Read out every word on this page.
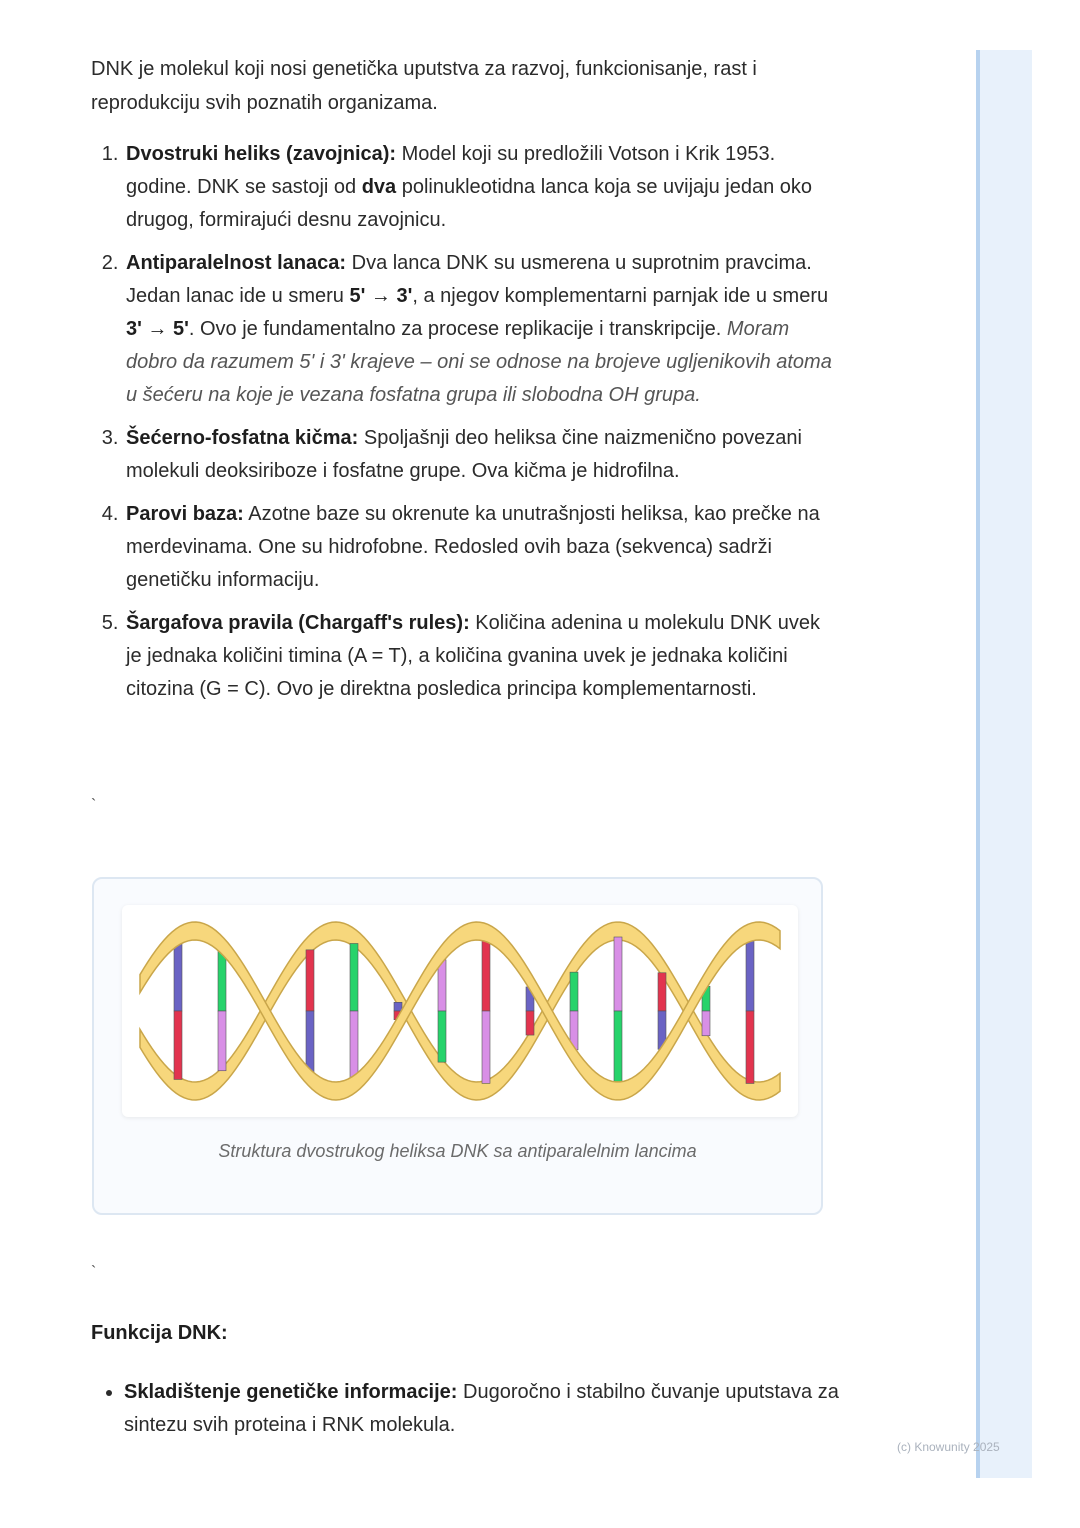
DNK je molekul koji nosi genetička uputstva za razvoj, funkcionisanje, rast i reprodukciju svih poznatih organizama.

1. Dvostruki heliks (zavojnica): Model koji su predložili Votson i Krik 1953. godine. DNK se sastoji od dva polinukleotidna lanca koja se uvijaju jedan oko drugog, formirajući desnu zavojnicu.
2. Antiparalelnost lanaca: Dva lanca DNK su usmerena u suprotnim pravcima. Jedan lanac ide u smeru 5' → 3', a njegov komplementarni parnjak ide u smeru 3' → 5'. Ovo je fundamentalno za procese replikacije i transkripcije. Moram dobro da razumem 5' i 3' krajeve – oni se odnose na brojeve ugljenikovih atoma u šećeru na koje je vezana fosfatna grupa ili slobodna OH grupa.
3. Šećerno-fosfatna kičma: Spoljašnji deo heliksa čine naizmenično povezani molekuli deoksiriboze i fosfatne grupe. Ova kičma je hidrofilna.
4. Parovi baza: Azotne baze su okrenute ka unutrašnjosti heliksa, kao prečke na merdevinama. One su hidrofobne. Redosled ovih baza (sekvenca) sadrži genetičku informaciju.
5. Šargafova pravila (Chargaff's rules): Količina adenina u molekulu DNK uvek je jednaka količini timina (A = T), a količina gvanina uvek je jednaka količini citozina (G = C). Ovo je direktna posledica principa komplementarnosti.
`
Struktura dvostrukog heliksa DNK sa antiparalelnim lancima
`
Funkcija DNK:
• Skladištenje genetičke informacije: Dugoročno i stabilno čuvanje uputstava za sintezu svih proteina i RNK molekula.
(c) Knowunity 2025
